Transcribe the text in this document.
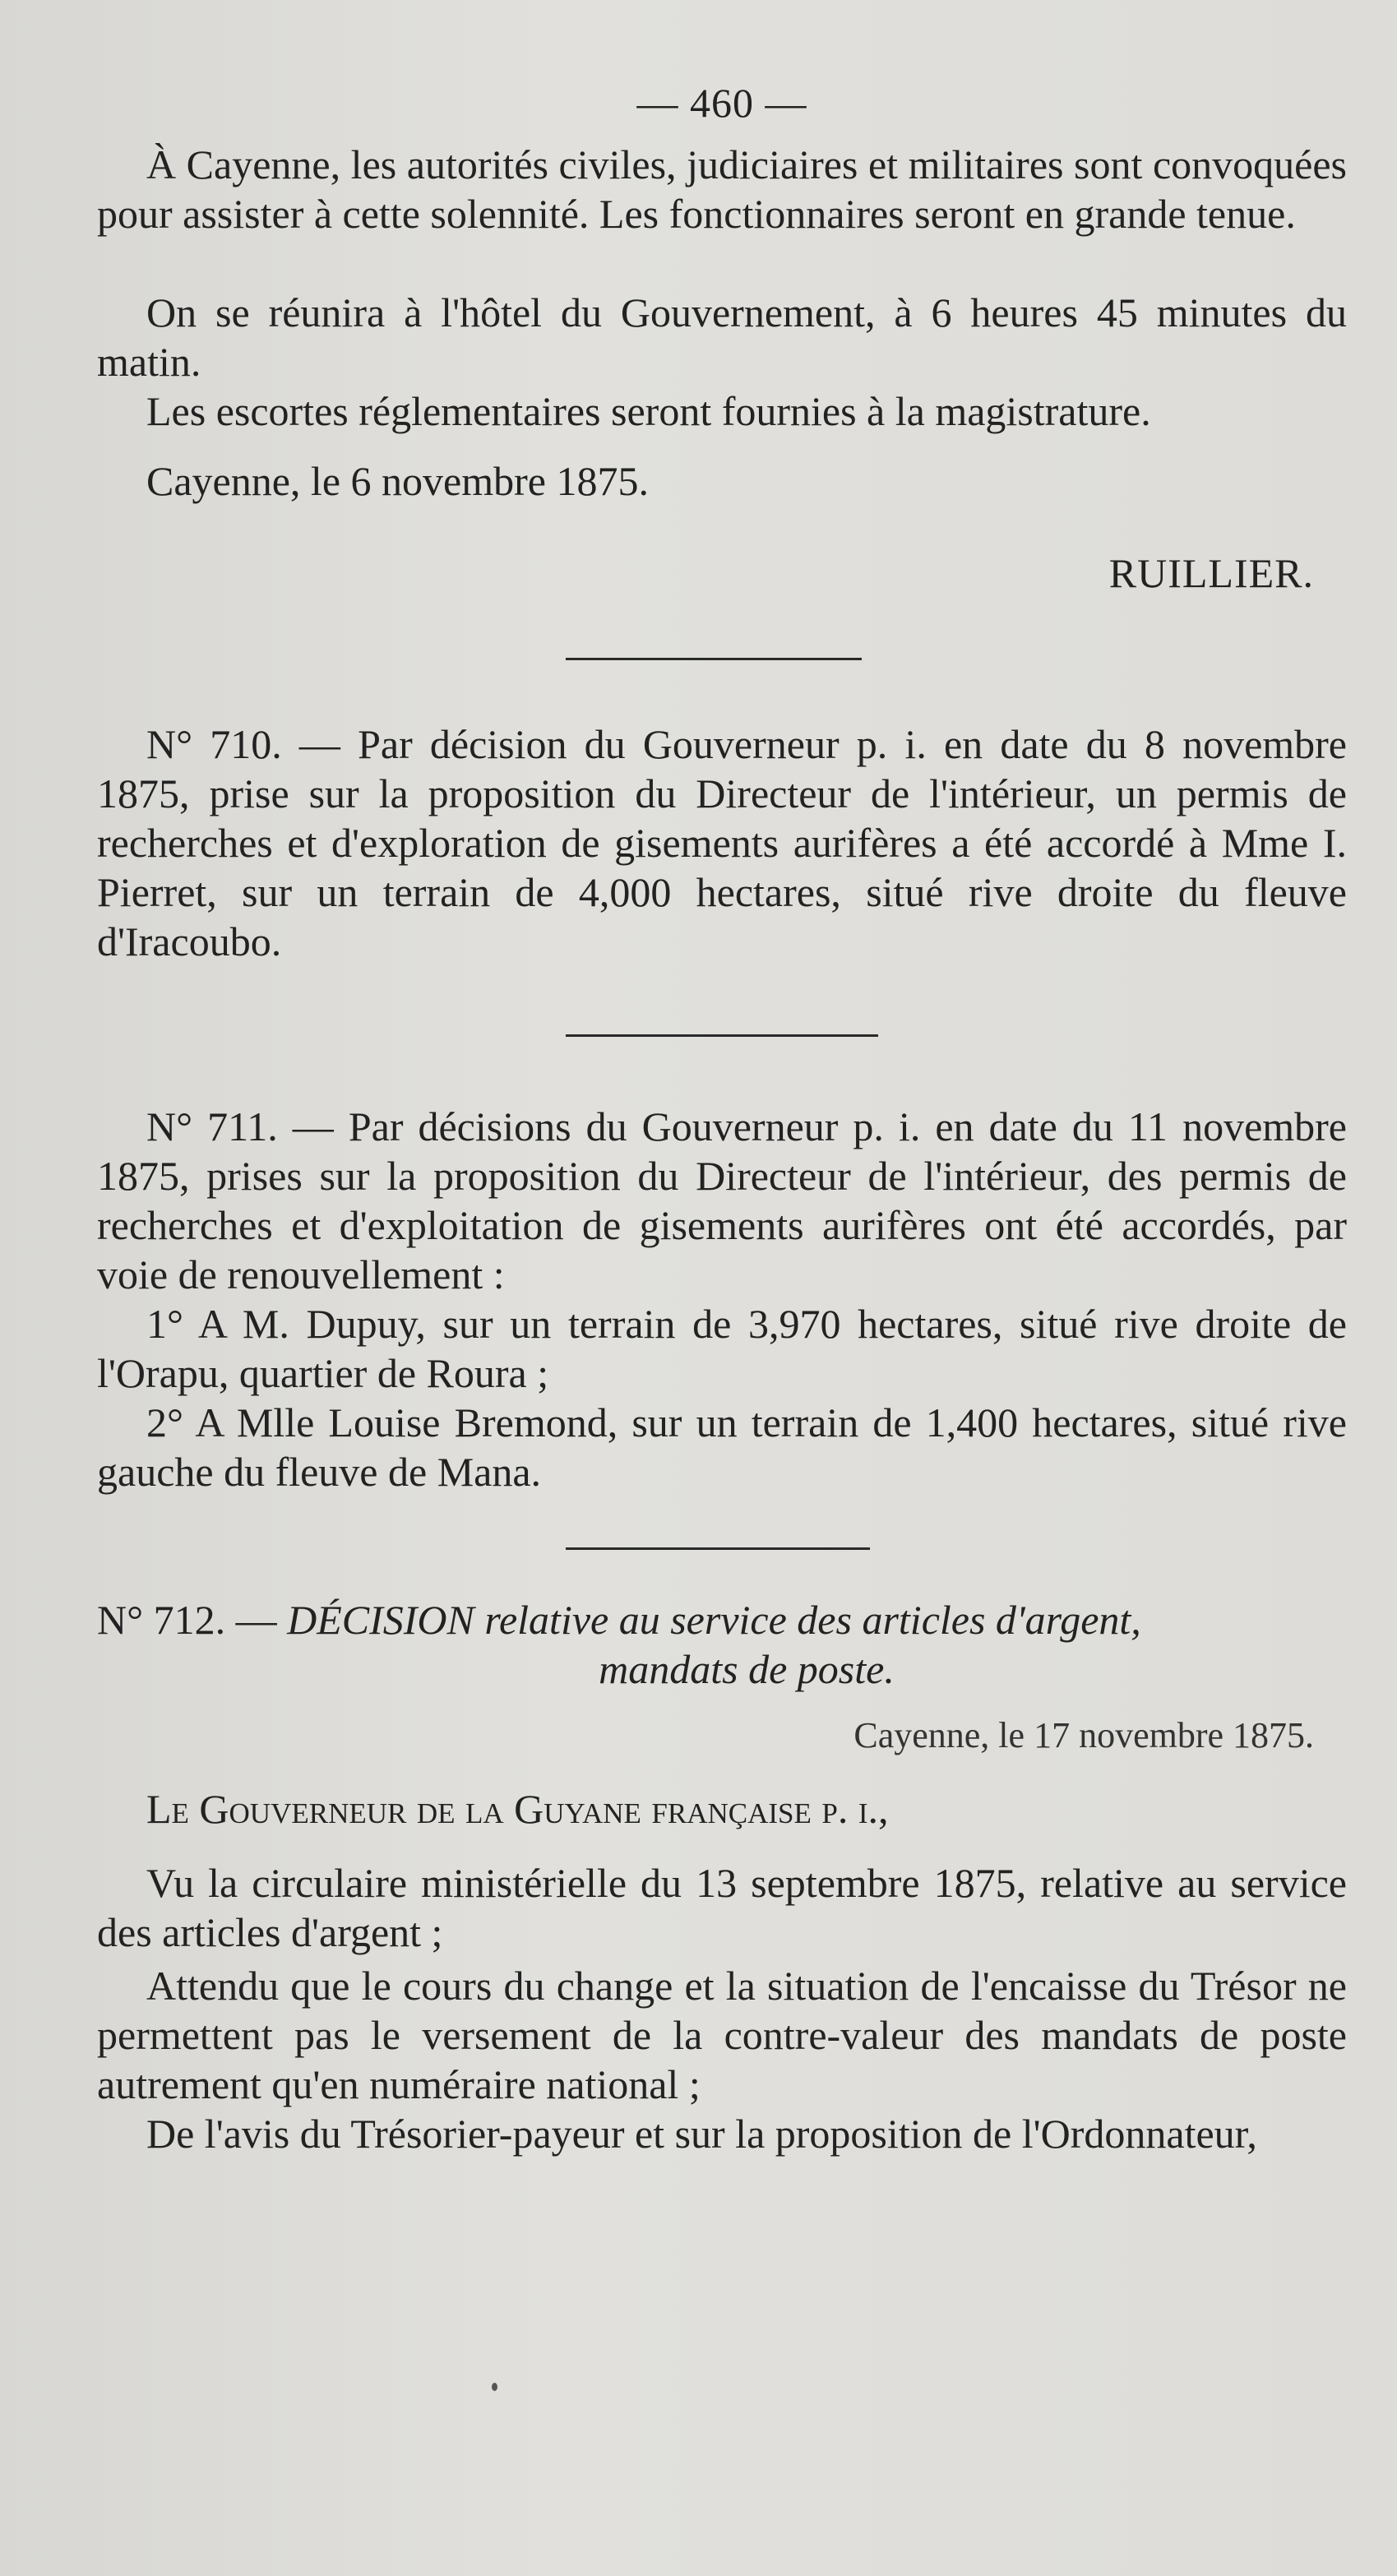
— 460 —

À Cayenne, les autorités civiles, judiciaires et militaires sont convoquées pour assister à cette solennité. Les fonctionnaires seront en grande tenue.

On se réunira à l'hôtel du Gouvernement, à 6 heures 45 minutes du matin.

Les escortes réglementaires seront fournies à la magistrature.

Cayenne, le 6 novembre 1875.

RUILLIER.

N° 710. — Par décision du Gouverneur p. i. en date du 8 novembre 1875, prise sur la proposition du Directeur de l'intérieur, un permis de recherches et d'exploration de gisements aurifères a été accordé à Mme I. Pierret, sur un terrain de 4,000 hectares, situé rive droite du fleuve d'Iracoubo.

N° 711. — Par décisions du Gouverneur p. i. en date du 11 novembre 1875, prises sur la proposition du Directeur de l'intérieur, des permis de recherches et d'exploitation de gisements aurifères ont été accordés, par voie de renouvellement :

1° A M. Dupuy, sur un terrain de 3,970 hectares, situé rive droite de l'Orapu, quartier de Roura ;

2° A Mlle Louise Bremond, sur un terrain de 1,400 hectares, situé rive gauche du fleuve de Mana.

N° 712. — DÉCISION relative au service des articles d'argent,
mandats de poste.
Cayenne, le 17 novembre 1875.

Le Gouverneur de la Guyane française p. i.,

Vu la circulaire ministérielle du 13 septembre 1875, relative au service des articles d'argent ;

Attendu que le cours du change et la situation de l'encaisse du Trésor ne permettent pas le versement de la contre-valeur des mandats de poste autrement qu'en numéraire national ;

De l'avis du Trésorier-payeur et sur la proposition de l'Ordonnateur,
